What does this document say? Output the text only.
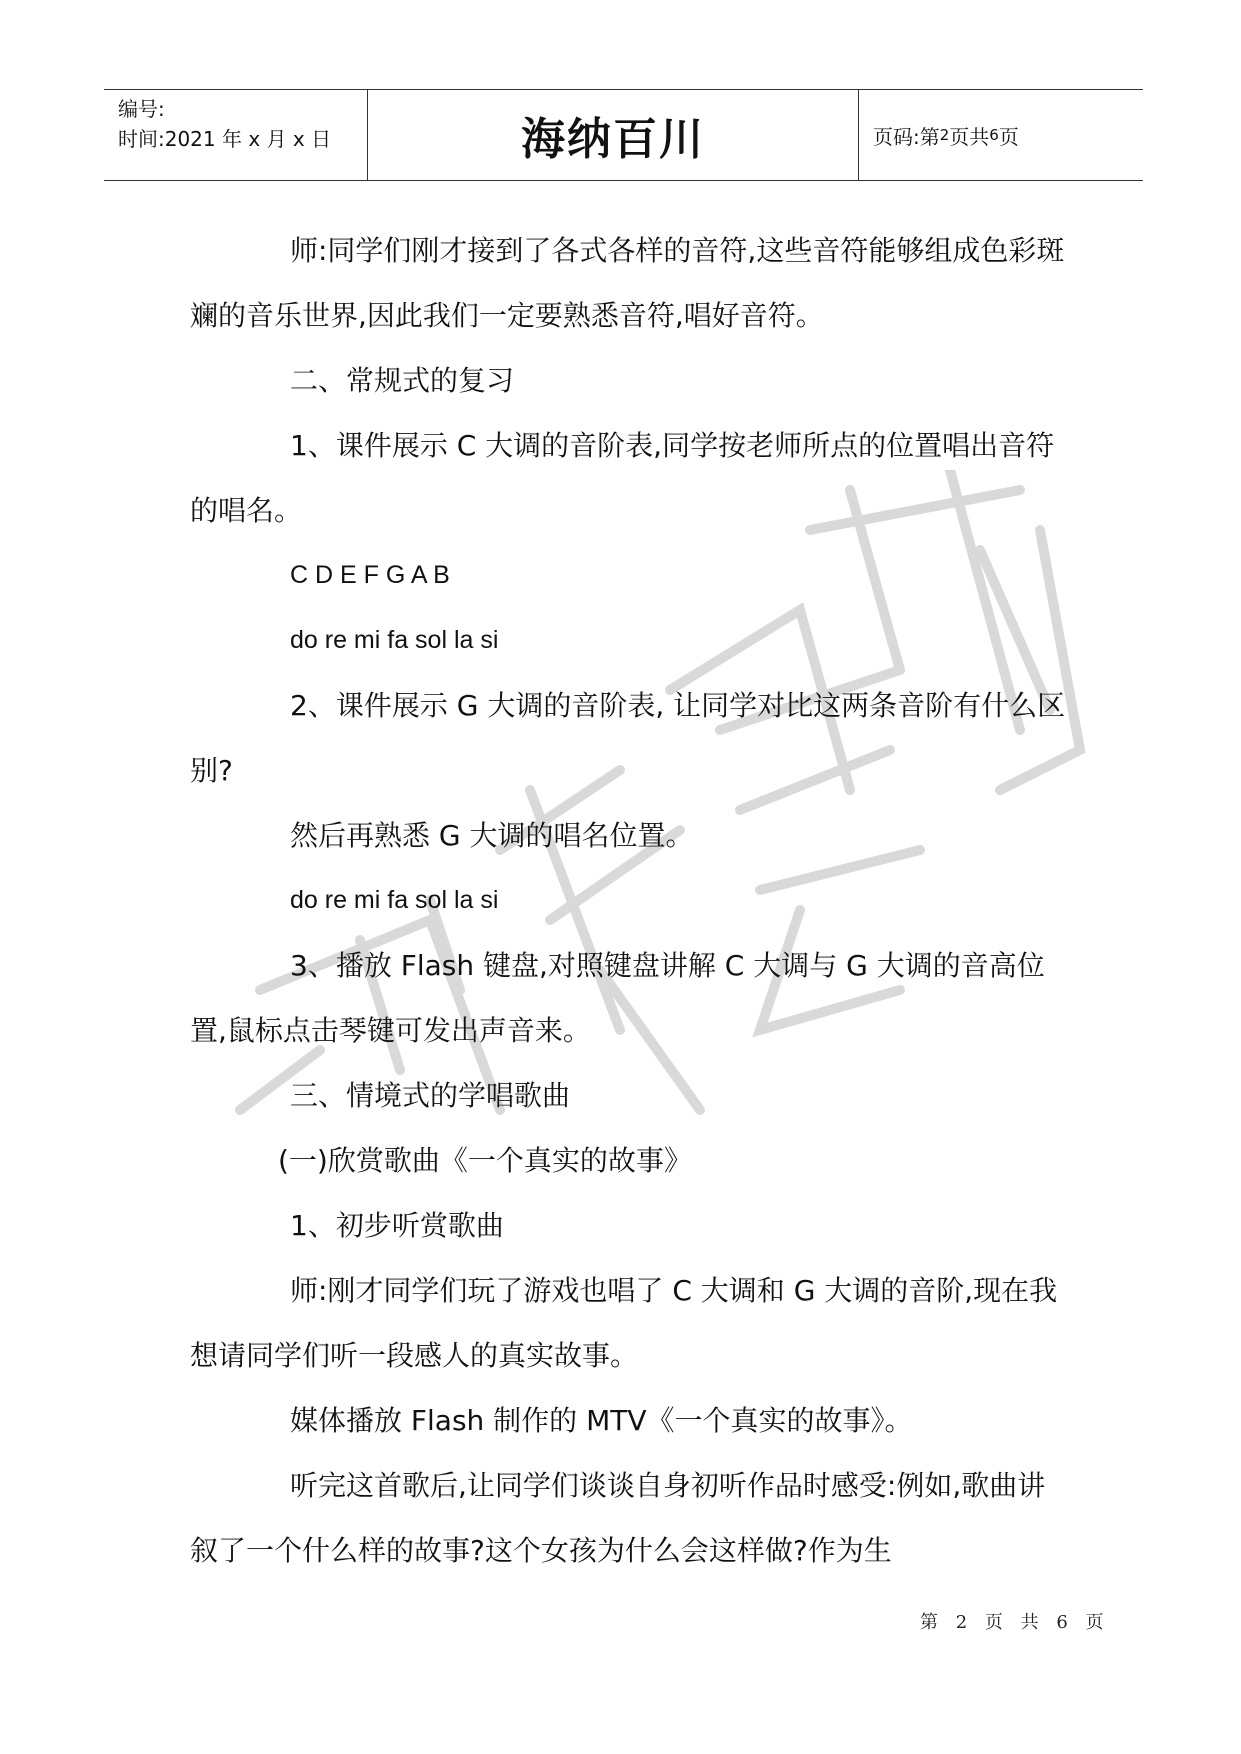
编号:
时间:2021 年 x 月 x 日	海纳百川	页码:第 2 页共 6 页

师:同学们刚才接到了各式各样的音符,这些音符能够组成色彩斑斓的音乐世界,因此我们一定要熟悉音符,唱好音符。

二、常规式的复习

1、课件展示 C 大调的音阶表,同学按老师所点的位置唱出音符的唱名。

C D E F G A B

do re mi fa sol la si

2、课件展示 G 大调的音阶表, 让同学对比这两条音阶有什么区别?

然后再熟悉 G 大调的唱名位置。

do re mi fa sol la si

3、播放 Flash 键盘,对照键盘讲解 C 大调与 G 大调的音高位置,鼠标点击琴键可发出声音来。

三、情境式的学唱歌曲

(一)欣赏歌曲《一个真实的故事》

1、初步听赏歌曲

师:刚才同学们玩了游戏也唱了 C 大调和 G 大调的音阶,现在我想请同学们听一段感人的真实故事。

媒体播放 Flash 制作的 MTV《一个真实的故事》。

听完这首歌后,让同学们谈谈自身初听作品时感受:例如,歌曲讲叙了一个什么样的故事?这个女孩为什么会这样做?作为生

第 2 页 共 6 页
